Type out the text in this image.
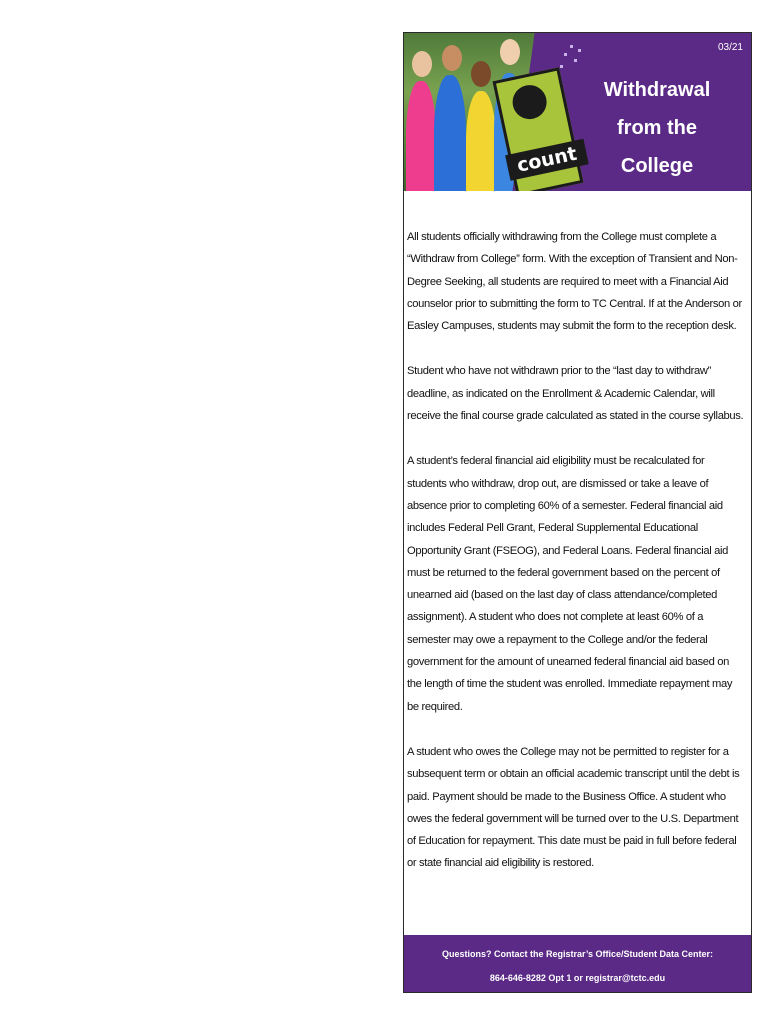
count
03/21
Withdrawal from the College

All students officially withdrawing from the College must complete a “Withdraw from College” form. With the exception of Transient and Non-Degree Seeking, all students are required to meet with a Financial Aid counselor prior to submitting the form to TC Central. If at the Anderson or Easley Campuses, students may submit the form to the reception desk.

Student who have not withdrawn prior to the “last day to withdraw” deadline, as indicated on the Enrollment & Academic Calendar, will receive the final course grade calculated as stated in the course syllabus.

A student’s federal financial aid eligibility must be recalculated for students who withdraw, drop out, are dismissed or take a leave of absence prior to completing 60% of a semester. Federal financial aid includes Federal Pell Grant, Federal Supplemental Educational Opportunity Grant (FSEOG), and Federal Loans. Federal financial aid must be returned to the federal government based on the percent of unearned aid (based on the last day of class attendance/completed assignment). A student who does not complete at least 60% of a semester may owe a repayment to the College and/or the federal government for the amount of unearned federal financial aid based on the length of time the student was enrolled. Immediate repayment may be required.

A student who owes the College may not be permitted to register for a subsequent term or obtain an official academic transcript until the debt is paid. Payment should be made to the Business Office. A student who owes the federal government will be turned over to the U.S. Department of Education for repayment. This date must be paid in full before federal or state financial aid eligibility is restored.

Questions? Contact the Registrar’s Office/Student Data Center:
864-646-8282 Opt 1 or registrar@tctc.edu
